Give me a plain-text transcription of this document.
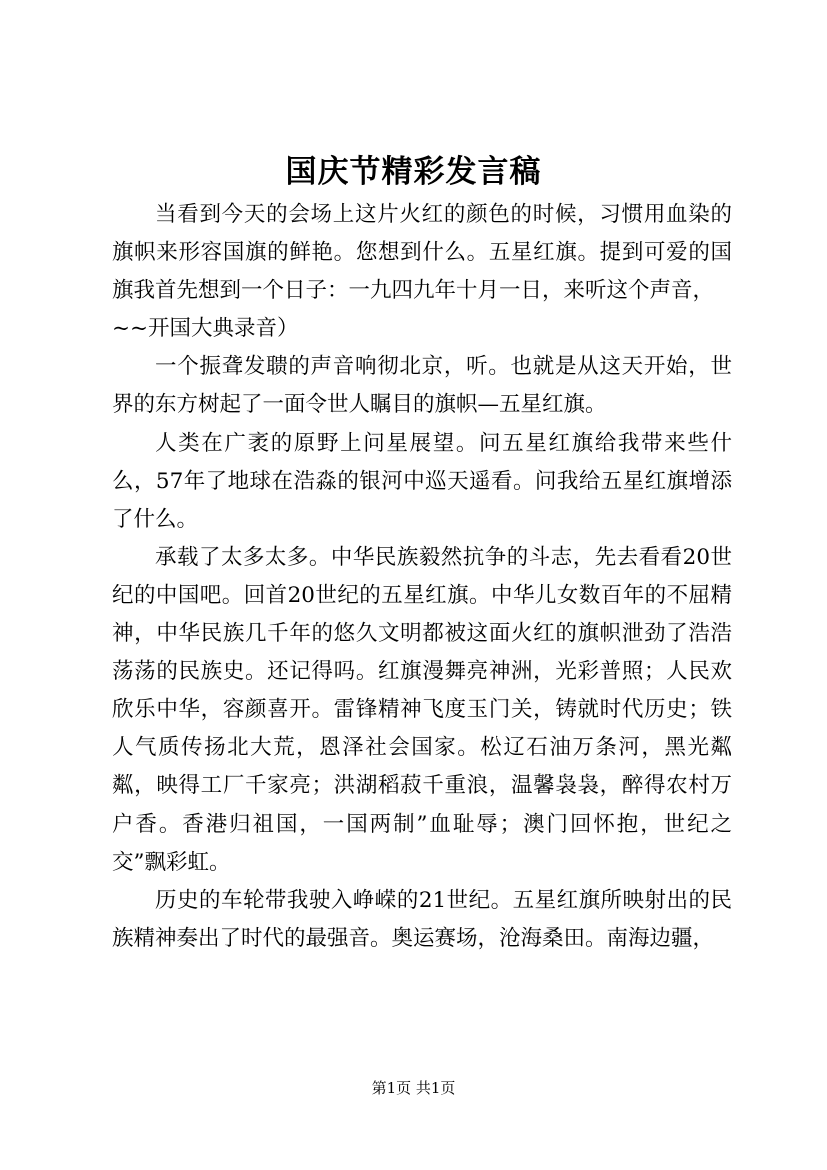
国庆节精彩发言稿

当看到今天的会场上这片火红的颜色的时候，习惯用血染的旗帜来形容国旗的鲜艳。您想到什么。五星红旗。提到可爱的国旗我首先想到一个日子：一九四九年十月一日，来听这个声音，

~~开国大典录音）

一个振聋发聩的声音响彻北京，听。也就是从这天开始，世界的东方树起了一面令世人瞩目的旗帜—五星红旗。

人类在广袤的原野上问星展望。问五星红旗给我带来些什么，57年了地球在浩淼的银河中巡天遥看。问我给五星红旗增添了什么。

承载了太多太多。中华民族毅然抗争的斗志，先去看看20世纪的中国吧。回首20世纪的五星红旗。中华儿女数百年的不屈精神，中华民族几千年的悠久文明都被这面火红的旗帜泄劲了浩浩荡荡的民族史。还记得吗。红旗漫舞亮神洲，光彩普照；人民欢欣乐中华，容颜喜开。雷锋精神飞度玉门关，铸就时代历史；铁人气质传扬北大荒，恩泽社会国家。松辽石油万条河，黑光粼粼，映得工厂千家亮；洪湖稻菽千重浪，温馨袅袅，醉得农村万户香。香港归祖国，一国两制”血耻辱；澳门回怀抱，世纪之交”飘彩虹。

历史的车轮带我驶入峥嵘的21世纪。五星红旗所映射出的民族精神奏出了时代的最强音。奥运赛场，沧海桑田。南海边疆，

第1页 共1页
